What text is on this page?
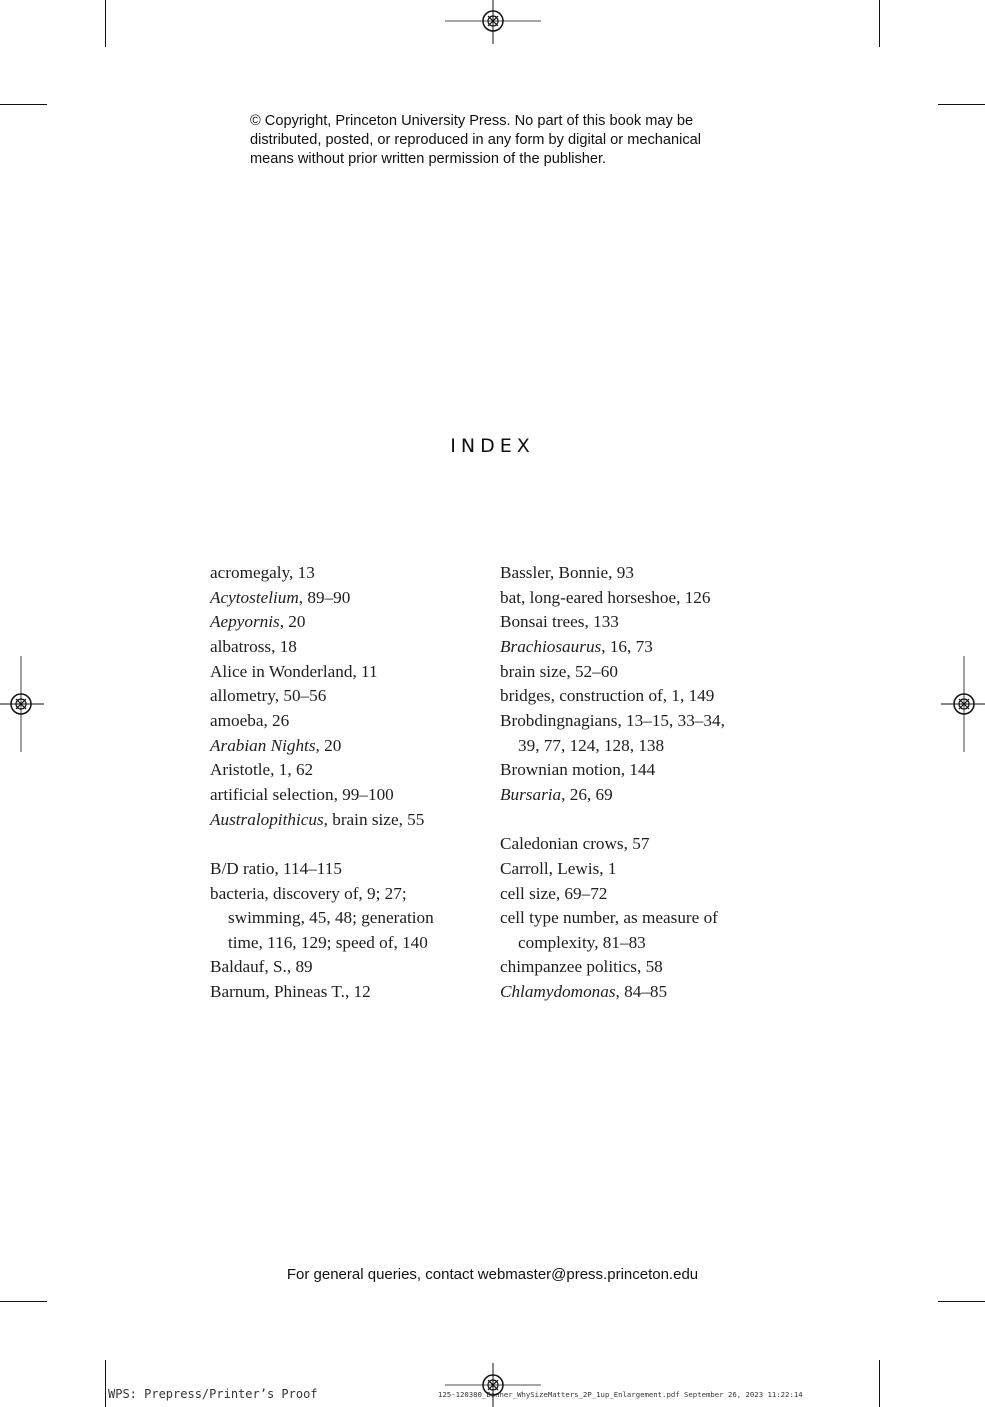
© Copyright, Princeton University Press. No part of this book may be
distributed, posted, or reproduced in any form by digital or mechanical
means without prior written permission of the publisher.
INDEX
acromegaly, 13
Acytostelium, 89–90
Aepyornis, 20
albatross, 18
Alice in Wonderland, 11
allometry, 50–56
amoeba, 26
Arabian Nights, 20
Aristotle, 1, 62
artificial selection, 99–100
Australopithicus, brain size, 55
B/D ratio, 114–115
bacteria, discovery of, 9; 27;
swimming, 45, 48; generation
time, 116, 129; speed of, 140
Baldauf, S., 89
Barnum, Phineas T., 12
Bassler, Bonnie, 93
bat, long-eared horseshoe, 126
Bonsai trees, 133
Brachiosaurus, 16, 73
brain size, 52–60
bridges, construction of, 1, 149
Brobdingnagians, 13–15, 33–34,
39, 77, 124, 128, 138
Brownian motion, 144
Bursaria, 26, 69
Caledonian crows, 57
Carroll, Lewis, 1
cell size, 69–72
cell type number, as measure of
complexity, 81–83
chimpanzee politics, 58
Chlamydomonas, 84–85
For general queries, contact webmaster@press.princeton.edu
WPS: Prepress/Printer’s Proof	125-120380_Bonner_WhySizeMatters_2P_1up_Enlargement.pdf September 26, 2023 11:22:14
